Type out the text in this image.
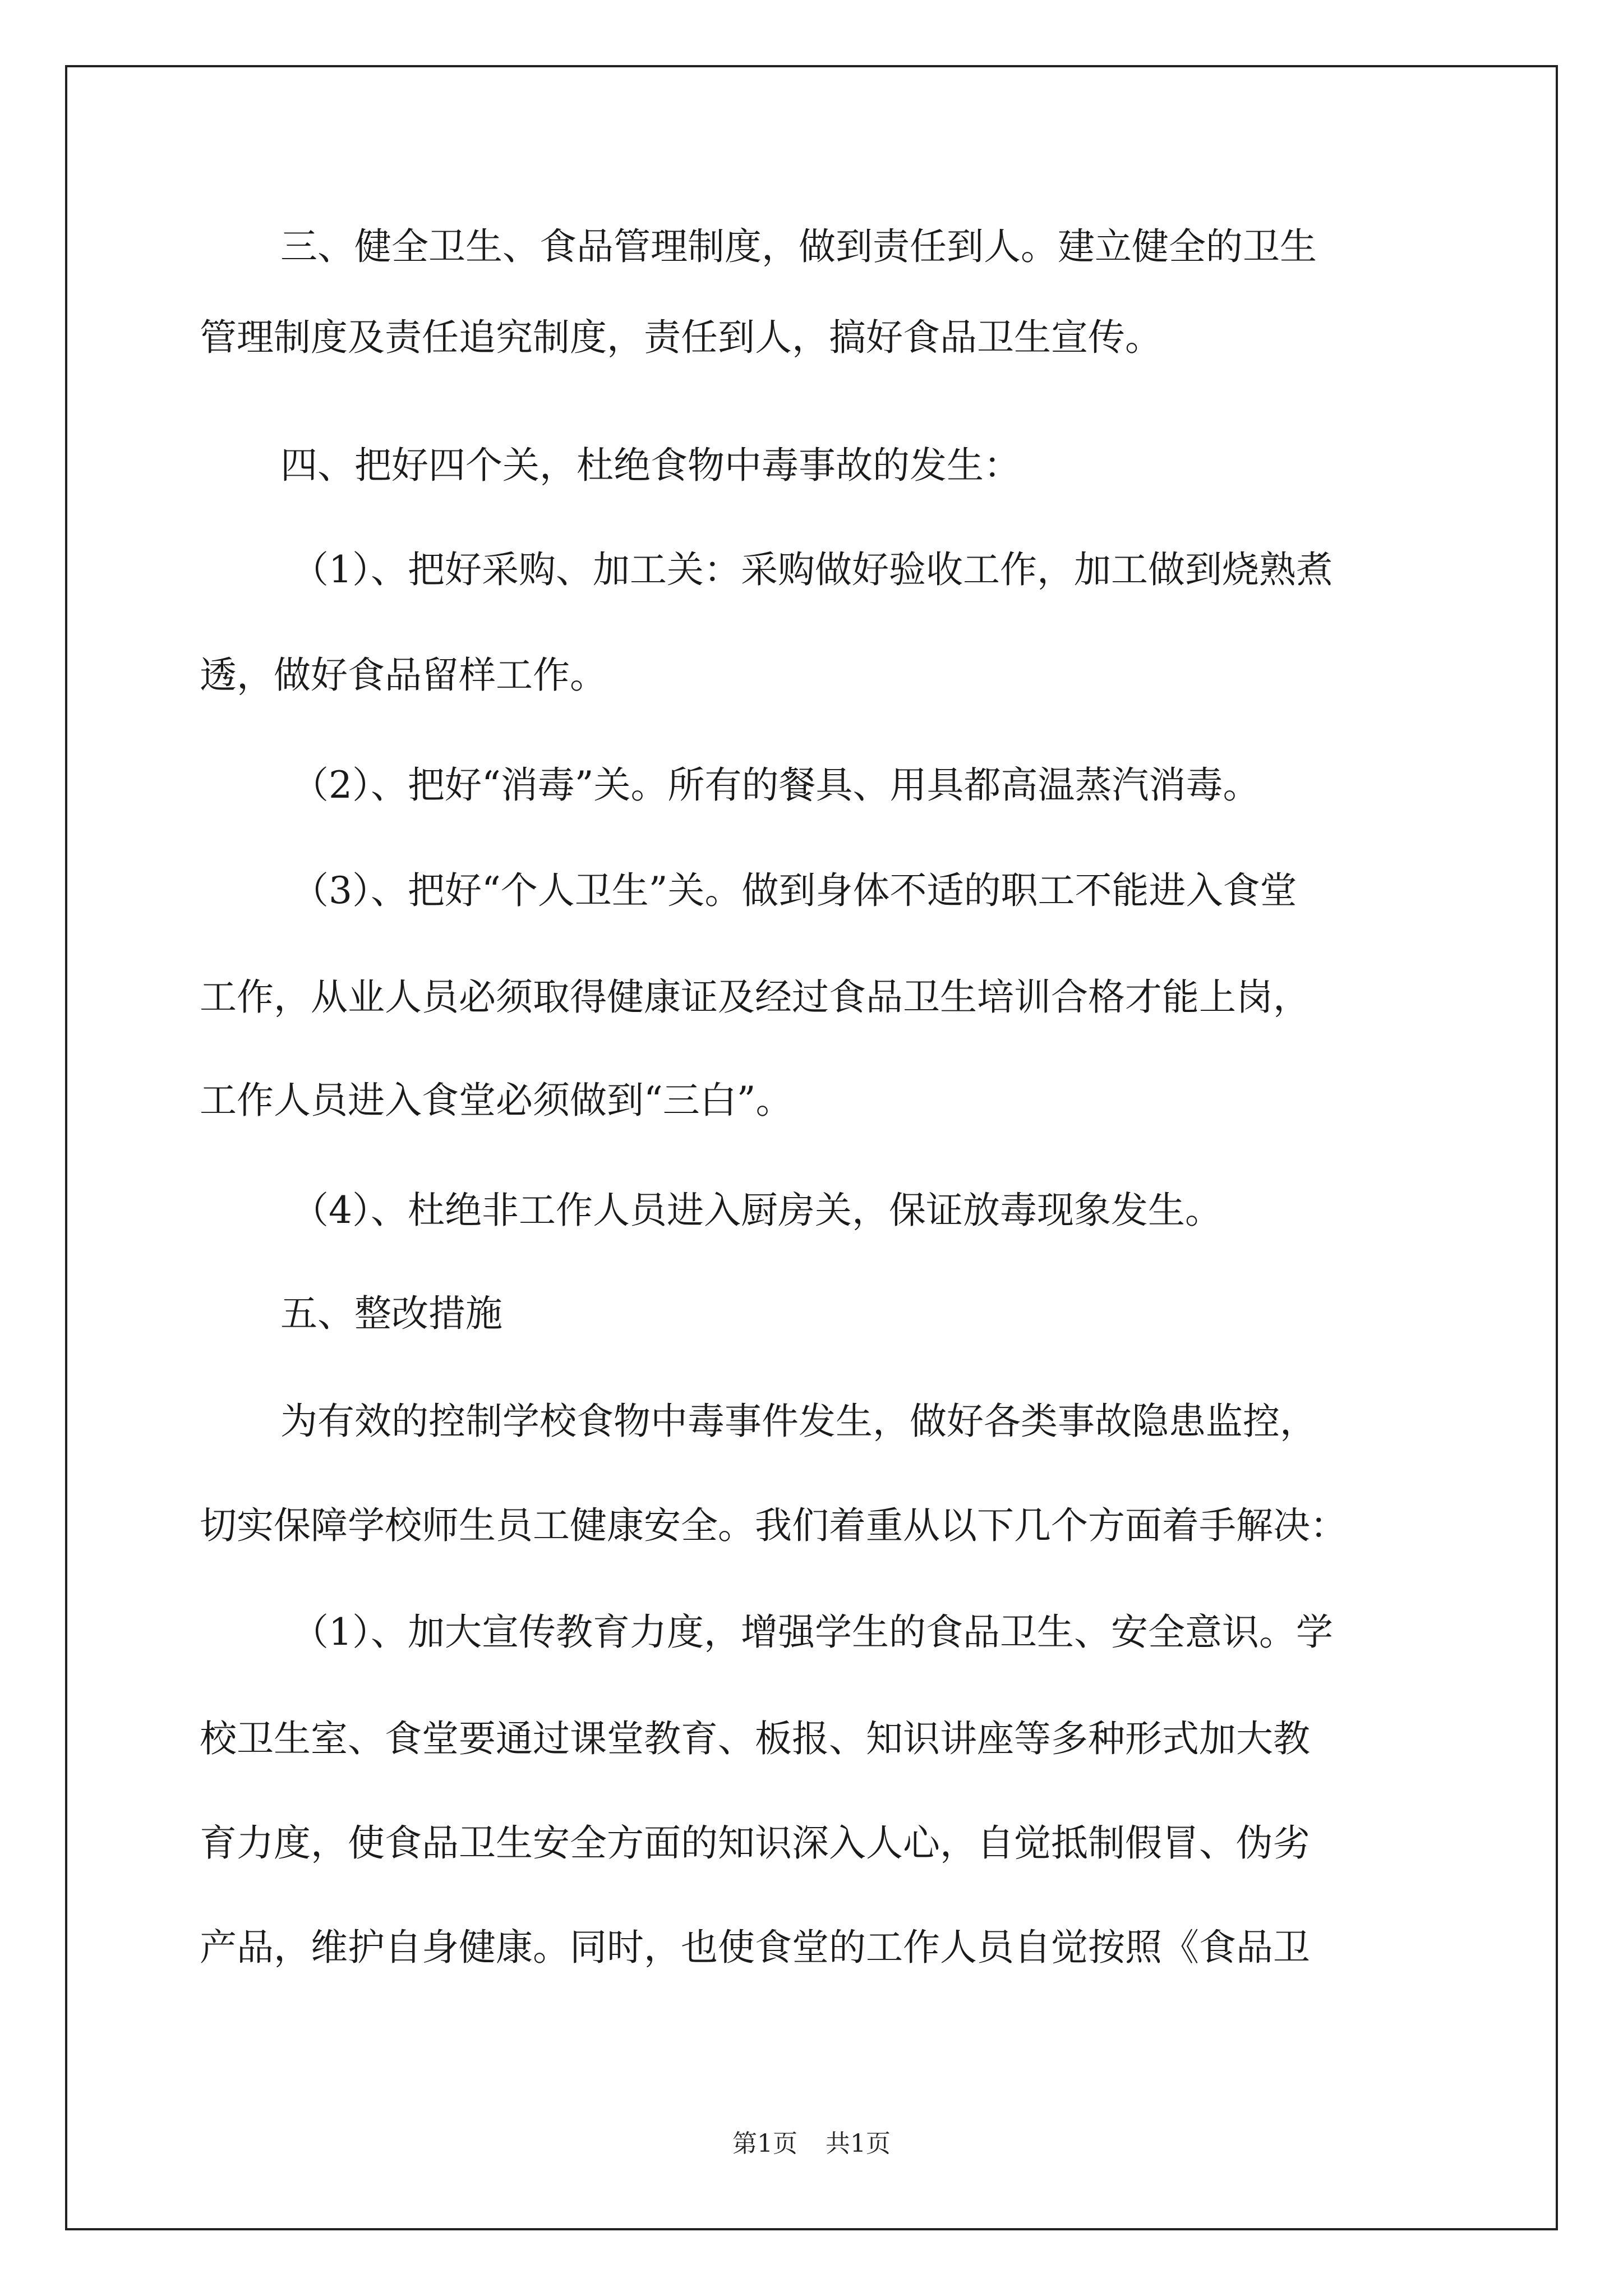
三、健全卫生、食品管理制度，做到责任到人。建立健全的卫生
管理制度及责任追究制度，责任到人，搞好食品卫生宣传。
四、把好四个关，杜绝食物中毒事故的发生：
（1）、把好采购、加工关：采购做好验收工作，加工做到烧熟煮
透，做好食品留样工作。
（2）、把好“消毒”关。所有的餐具、用具都高温蒸汽消毒。
（3）、把好“个人卫生”关。做到身体不适的职工不能进入食堂
工作，从业人员必须取得健康证及经过食品卫生培训合格才能上岗，
工作人员进入食堂必须做到“三白”。
（4）、杜绝非工作人员进入厨房关，保证放毒现象发生。
五、整改措施
为有效的控制学校食物中毒事件发生，做好各类事故隐患监控，
切实保障学校师生员工健康安全。我们着重从以下几个方面着手解决：
（1）、加大宣传教育力度，增强学生的食品卫生、安全意识。学
校卫生室、食堂要通过课堂教育、板报、知识讲座等多种形式加大教
育力度，使食品卫生安全方面的知识深入人心，自觉抵制假冒、伪劣
产品，维护自身健康。同时，也使食堂的工作人员自觉按照《食品卫
第1页 共1页
